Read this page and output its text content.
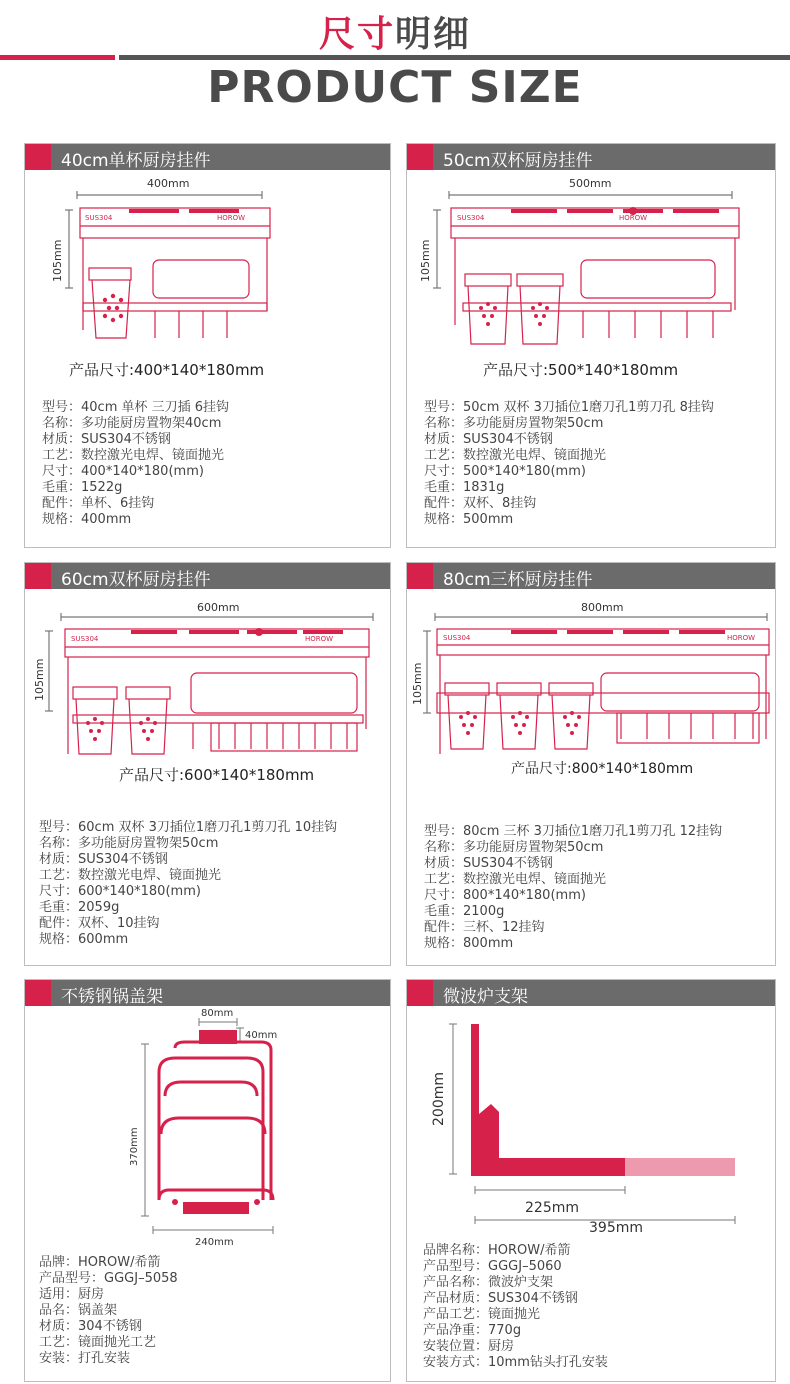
尺寸明细
PRODUCT SIZE
40cm单杯厨房挂件
400mm
SUS304	HOROW
105mm
产品尺寸:400*140*180mm
型号：40cm 单杯 三刀插 6挂钩
名称：多功能厨房置物架40cm
材质：SUS304不锈钢
工艺：数控激光电焊、镜面抛光
尺寸：400*140*180(mm)
毛重：1522g
配件：单杯、6挂钩
规格：400mm
50cm双杯厨房挂件
500mm
SUS304	HOROW
105mm
产品尺寸:500*140*180mm
型号：50cm 双杯 3刀插位1磨刀孔1剪刀孔 8挂钩
名称：多功能厨房置物架50cm
材质：SUS304不锈钢
工艺：数控激光电焊、镜面抛光
尺寸：500*140*180(mm)
毛重：1831g
配件：双杯、8挂钩
规格：500mm
60cm双杯厨房挂件
600mm
SUS304	HOROW
105mm
产品尺寸:600*140*180mm
型号：60cm 双杯 3刀插位1磨刀孔1剪刀孔 10挂钩
名称：多功能厨房置物架50cm
材质：SUS304不锈钢
工艺：数控激光电焊、镜面抛光
尺寸：600*140*180(mm)
毛重：2059g
配件：双杯、10挂钩
规格：600mm
80cm三杯厨房挂件
800mm
SUS304	HOROW
105mm
产品尺寸:800*140*180mm
型号：80cm 三杯 3刀插位1磨刀孔1剪刀孔 12挂钩
名称：多功能厨房置物架50cm
材质：SUS304不锈钢
工艺：数控激光电焊、镜面抛光
尺寸：800*140*180(mm)
毛重：2100g
配件：三杯、12挂钩
规格：800mm
不锈钢锅盖架
80mm
40mm
370mm
240mm
品牌：HOROW/希箭
产品型号：GGGJ–5058
适用：厨房
品名：锅盖架
材质：304不锈钢
工艺：镜面抛光工艺
安装：打孔安装
微波炉支架
200mm
225mm
395mm
品牌名称：HOROW/希箭
产品型号：GGGJ–5060
产品名称：微波炉支架
产品材质：SUS304不锈钢
产品工艺：镜面抛光
产品净重：770g
安装位置：厨房
安装方式：10mm钻头打孔安装
